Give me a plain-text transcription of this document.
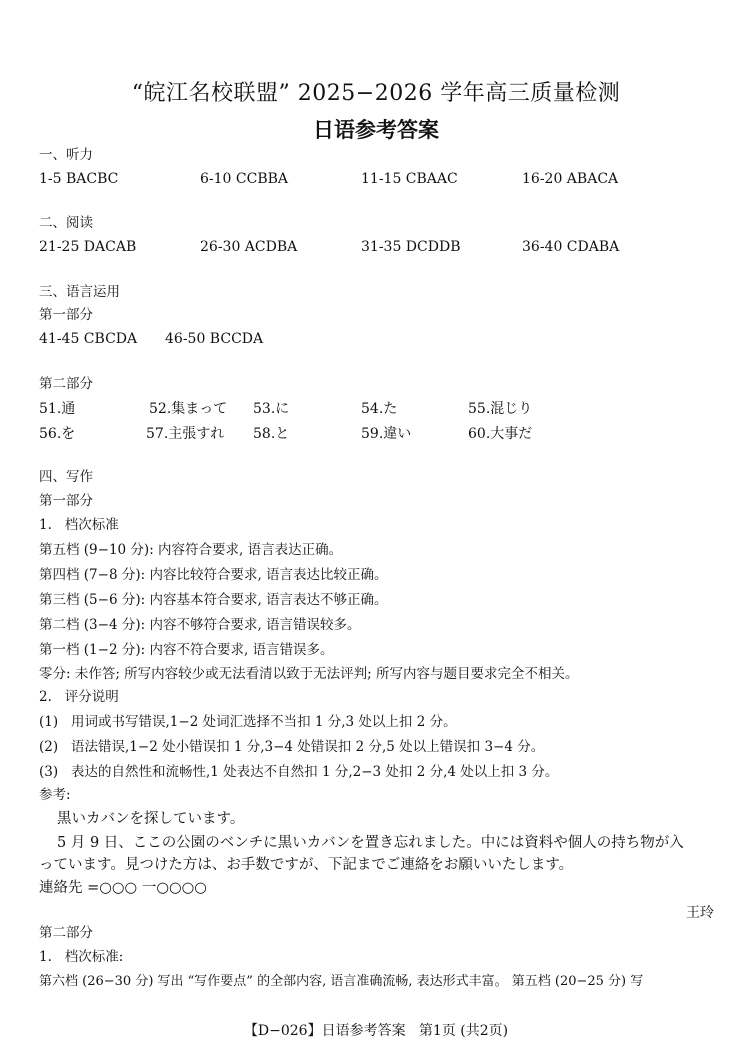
“皖江名校联盟” 2025−2026 学年高三质量检测
日语参考答案
一、听力
1-5 BACBC	6-10 CCBBA	11-15 CBAAC	16-20 ABACA
二、阅读
21-25 DACAB	26-30 ACDBA	31-35 DCDDB	36-40 CDABA
三、语言运用
第一部分
41-45 CBCDA 46-50 BCCDA
第二部分
51.通	52.集まって 53.に	54.た	55.混じり
56.を	57.主張すれ 58.と	59.違い	60.大事だ
四、写作
第一部分
1.   档次标准
第五档 (9−10 分): 内容符合要求, 语言表达正确。
第四档 (7−8 分): 内容比较符合要求, 语言表达比较正确。
第三档 (5−6 分): 内容基本符合要求, 语言表达不够正确。
第二档 (3−4 分): 内容不够符合要求, 语言错误较多。
第一档 (1−2 分): 内容不符合要求, 语言错误多。
零分: 未作答; 所写内容较少或无法看清以致于无法评判; 所写内容与题目要求完全不相关。
2.   评分说明
(1)   用词或书写错误,1−2 处词汇选择不当扣 1 分,3 处以上扣 2 分。
(2)   语法错误,1−2 处小错误扣 1 分,3−4 处错误扣 2 分,5 处以上错误扣 3−4 分。
(3)   表达的自然性和流畅性,1 处表达不自然扣 1 分,2−3 处扣 2 分,4 处以上扣 3 分。
参考:
黒いカバンを探しています。
5 月 9 日、ここの公園のベンチに黒いカバンを置き忘れました。中には資料や個人の持ち物が入
っています。見つけた方は、お手数ですが、下記までご連絡をお願いいたします。
連絡先 =○○○ 一○○○○
王玲
第二部分
1.   档次标准:
第六档 (26−30 分) 写出 “写作要点” 的全部内容, 语言准确流畅, 表达形式丰富。 第五档 (20−25 分) 写
【D−026】日语参考答案   第1页 (共2页)
